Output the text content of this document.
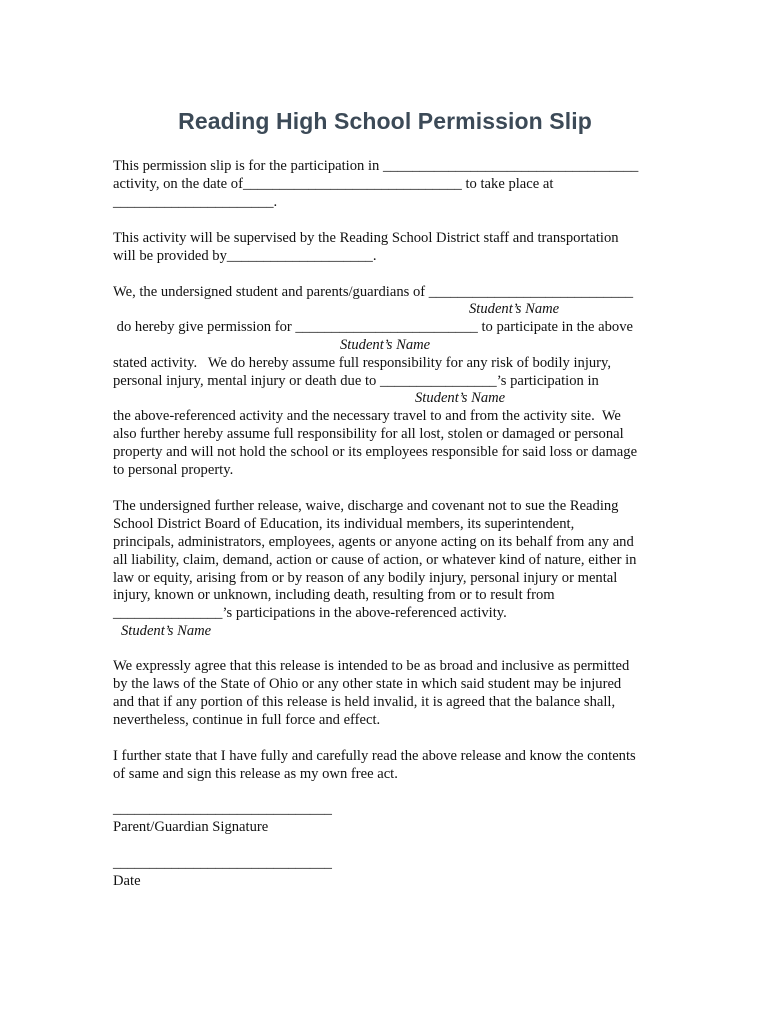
Reading High School Permission Slip
This permission slip is for the participation in ___________________________________
activity, on the date of______________________________ to take place at
______________________.
This activity will be supervised by the Reading School District staff and transportation
will be provided by____________________.
We, the undersigned student and parents/guardians of ____________________________
Student’s Name
do hereby give permission for _________________________ to participate in the above
Student’s Name
stated activity.   We do hereby assume full responsibility for any risk of bodily injury,
personal injury, mental injury or death due to ________________’s participation in
Student’s Name
the above-referenced activity and the necessary travel to and from the activity site.  We
also further hereby assume full responsibility for all lost, stolen or damaged or personal
property and will not hold the school or its employees responsible for said loss or damage
to personal property.
The undersigned further release, waive, discharge and covenant not to sue the Reading
School District Board of Education, its individual members, its superintendent,
principals, administrators, employees, agents or anyone acting on its behalf from any and
all liability, claim, demand, action or cause of action, or whatever kind of nature, either in
law or equity, arising from or by reason of any bodily injury, personal injury or mental
injury, known or unknown, including death, resulting from or to result from
_______________’s participations in the above-referenced activity.
Student’s Name
We expressly agree that this release is intended to be as broad and inclusive as permitted
by the laws of the State of Ohio or any other state in which said student may be injured
and that if any portion of this release is held invalid, it is agreed that the balance shall,
nevertheless, continue in full force and effect.
I further state that I have fully and carefully read the above release and know the contents
of same and sign this release as my own free act.
______________________________
Parent/Guardian Signature
______________________________
Date
